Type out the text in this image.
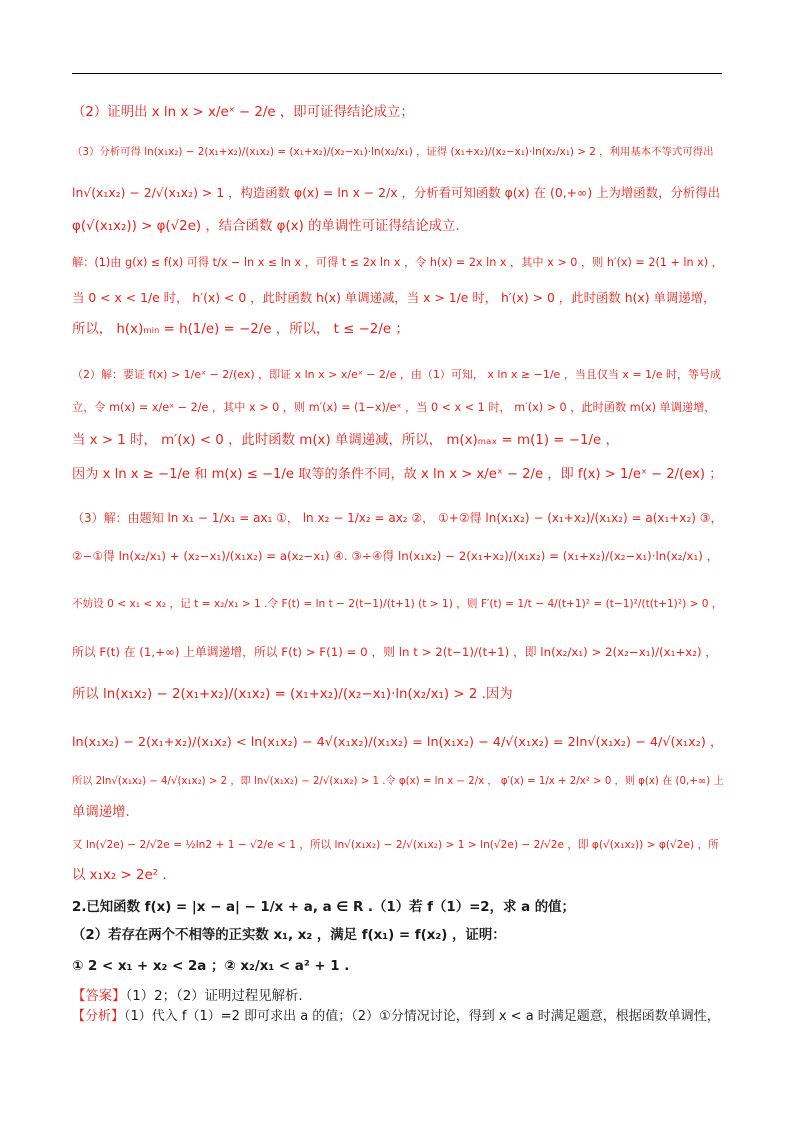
（2）证明出 x ln x > x/eˣ − 2/e ，即可证得结论成立；
（3）分析可得 ln(x₁x₂) − 2(x₁+x₂)/(x₁x₂) = (x₁+x₂)/(x₂−x₁)·ln(x₂/x₁) ，证得 (x₁+x₂)/(x₂−x₁)·ln(x₂/x₁) > 2 ，利用基本不等式可得出
ln√(x₁x₂) − 2/√(x₁x₂) > 1 ，构造函数 φ(x) = ln x − 2/x ，分析看可知函数 φ(x) 在 (0,+∞) 上为增函数，分析得出
φ(√(x₁x₂)) > φ(√2e) ，结合函数 φ(x) 的单调性可证得结论成立.
解：(1)由 g(x) ≤ f(x) 可得 t/x − ln x ≤ ln x ，可得 t ≤ 2x ln x ，令 h(x) = 2x ln x ，其中 x > 0 ，则 h′(x) = 2(1 + ln x) ，
当 0 < x < 1/e 时， h′(x) < 0 ，此时函数 h(x) 单调递减，当 x > 1/e 时， h′(x) > 0 ，此时函数 h(x) 单调递增，
所以， h(x)ₘᵢₙ = h(1/e) = −2/e ，所以， t ≤ −2/e ；
（2）解：要证 f(x) > 1/eˣ − 2/(ex) ，即证 x ln x > x/eˣ − 2/e ，由（1）可知， x ln x ≥ −1/e ，当且仅当 x = 1/e 时，等号成
立，令 m(x) = x/eˣ − 2/e ，其中 x > 0 ，则 m′(x) = (1−x)/eˣ ，当 0 < x < 1 时， m′(x) > 0 ，此时函数 m(x) 单调递增，
当 x > 1 时， m′(x) < 0 ，此时函数 m(x) 单调递减，所以， m(x)ₘₐₓ = m(1) = −1/e ，
因为 x ln x ≥ −1/e 和 m(x) ≤ −1/e 取等的条件不同，故 x ln x > x/eˣ − 2/e ，即 f(x) > 1/eˣ − 2/(ex) ；
（3）解：由题知 ln x₁ − 1/x₁ = ax₁ ①， ln x₂ − 1/x₂ = ax₂ ②， ①+②得 ln(x₁x₂) − (x₁+x₂)/(x₁x₂) = a(x₁+x₂) ③，
②−①得 ln(x₂/x₁) + (x₂−x₁)/(x₁x₂) = a(x₂−x₁) ④. ③÷④得 ln(x₁x₂) − 2(x₁+x₂)/(x₁x₂) = (x₁+x₂)/(x₂−x₁)·ln(x₂/x₁) ，
不妨设 0 < x₁ < x₂ ，记 t = x₂/x₁ > 1 .令 F(t) = ln t − 2(t−1)/(t+1) (t > 1) ，则 F′(t) = 1/t − 4/(t+1)² = (t−1)²/(t(t+1)²) > 0 ，
所以 F(t) 在 (1,+∞) 上单调递增，所以 F(t) > F(1) = 0 ，则 ln t > 2(t−1)/(t+1) ，即 ln(x₂/x₁) > 2(x₂−x₁)/(x₁+x₂) ，
所以 ln(x₁x₂) − 2(x₁+x₂)/(x₁x₂) = (x₁+x₂)/(x₂−x₁)·ln(x₂/x₁) > 2 .因为
ln(x₁x₂) − 2(x₁+x₂)/(x₁x₂) < ln(x₁x₂) − 4√(x₁x₂)/(x₁x₂) = ln(x₁x₂) − 4/√(x₁x₂) = 2ln√(x₁x₂) − 4/√(x₁x₂) ，
所以 2ln√(x₁x₂) − 4/√(x₁x₂) > 2 ，即 ln√(x₁x₂) − 2/√(x₁x₂) > 1 .令 φ(x) = ln x − 2/x ， φ′(x) = 1/x + 2/x² > 0 ，则 φ(x) 在 (0,+∞) 上
单调递增.
又 ln(√2e) − 2/√2e = ½ln2 + 1 − √2/e < 1 ，所以 ln√(x₁x₂) − 2/√(x₁x₂) > 1 > ln(√2e) − 2/√2e ，即 φ(√(x₁x₂)) > φ(√2e) ，所
以 x₁x₂ > 2e² .
2.已知函数 f(x) = |x − a| − 1/x + a, a ∈ R .（1）若 f（1）=2，求 a 的值；
（2）若存在两个不相等的正实数 x₁, x₂ ，满足 f(x₁) = f(x₂) ，证明：
① 2 < x₁ + x₂ < 2a ；② x₂/x₁ < a² + 1 .
【答案】（1）2；（2）证明过程见解析.
【分析】（1）代入 f（1）=2 即可求出 a 的值；（2）①分情况讨论，得到 x < a 时满足题意，根据函数单调性，
